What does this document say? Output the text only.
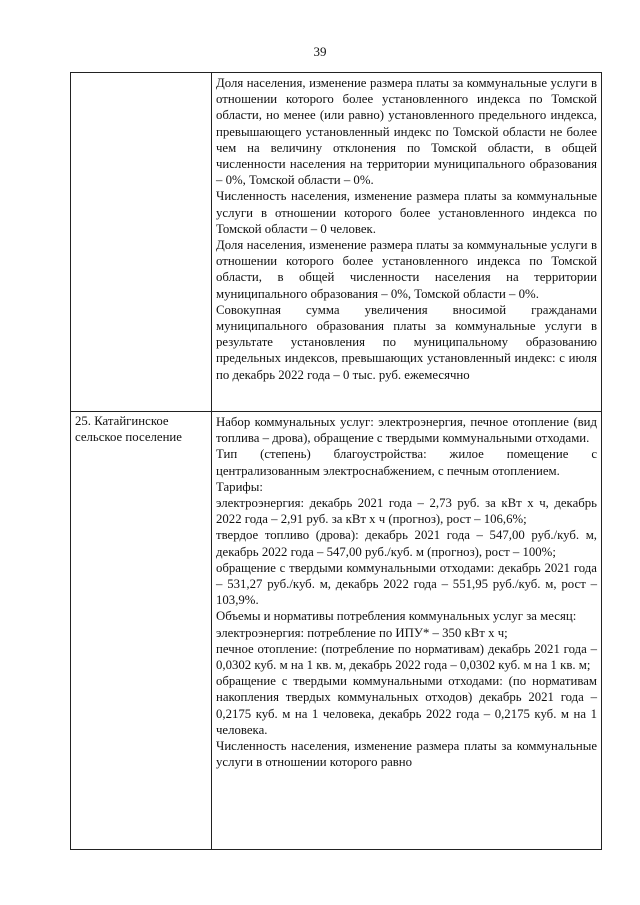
39

Доля населения, изменение размера платы за коммунальные услуги в отношении которого более установленного индекса по Томской области, но менее (или равно) установленного предельного индекса, превышающего установленный индекс по Томской области не более чем на величину отклонения по Томской области, в общей численности населения на территории муниципального образования – 0%, Томской области – 0%.

Численность населения, изменение размера платы за коммунальные услуги в отношении которого более установленного индекса по Томской области – 0 человек.

Доля населения, изменение размера платы за коммунальные услуги в отношении которого более установленного индекса по Томской области, в общей численности населения на территории муниципального образования – 0%, Томской области – 0%.

Совокупная сумма увеличения вносимой гражданами муниципального образования платы за коммунальные услуги в результате установления по муниципальному образованию предельных индексов, превышающих установленный индекс: с июля по декабрь 2022 года – 0 тыс. руб. ежемесячно

25. Катайгинское сельское поселение

Набор коммунальных услуг: электроэнергия, печное отопление (вид топлива – дрова), обращение с твердыми коммунальными отходами.

Тип (степень) благоустройства: жилое помещение с централизованным электроснабжением, с печным отоплением.

Тарифы:

электроэнергия: декабрь 2021 года – 2,73 руб. за кВт x ч, декабрь 2022 года – 2,91 руб. за кВт x ч (прогноз), рост – 106,6%;

твердое топливо (дрова): декабрь 2021 года – 547,00 руб./куб. м, декабрь 2022 года – 547,00 руб./куб. м (прогноз), рост – 100%;

обращение с твердыми коммунальными отходами: декабрь 2021 года – 531,27 руб./куб. м, декабрь 2022 года – 551,95 руб./куб. м, рост – 103,9%.

Объемы и нормативы потребления коммунальных услуг за месяц:

электроэнергия: потребление по ИПУ* – 350 кВт x ч;

печное отопление: (потребление по нормативам) декабрь 2021 года – 0,0302 куб. м на 1 кв. м, декабрь 2022 года – 0,0302 куб. м на 1 кв. м;

обращение с твердыми коммунальными отходами: (по нормативам накопления твердых коммунальных отходов) декабрь 2021 года – 0,2175 куб. м на 1 человека, декабрь 2022 года – 0,2175 куб. м на 1 человека.

Численность населения, изменение размера платы за коммунальные услуги в отношении которого равно
